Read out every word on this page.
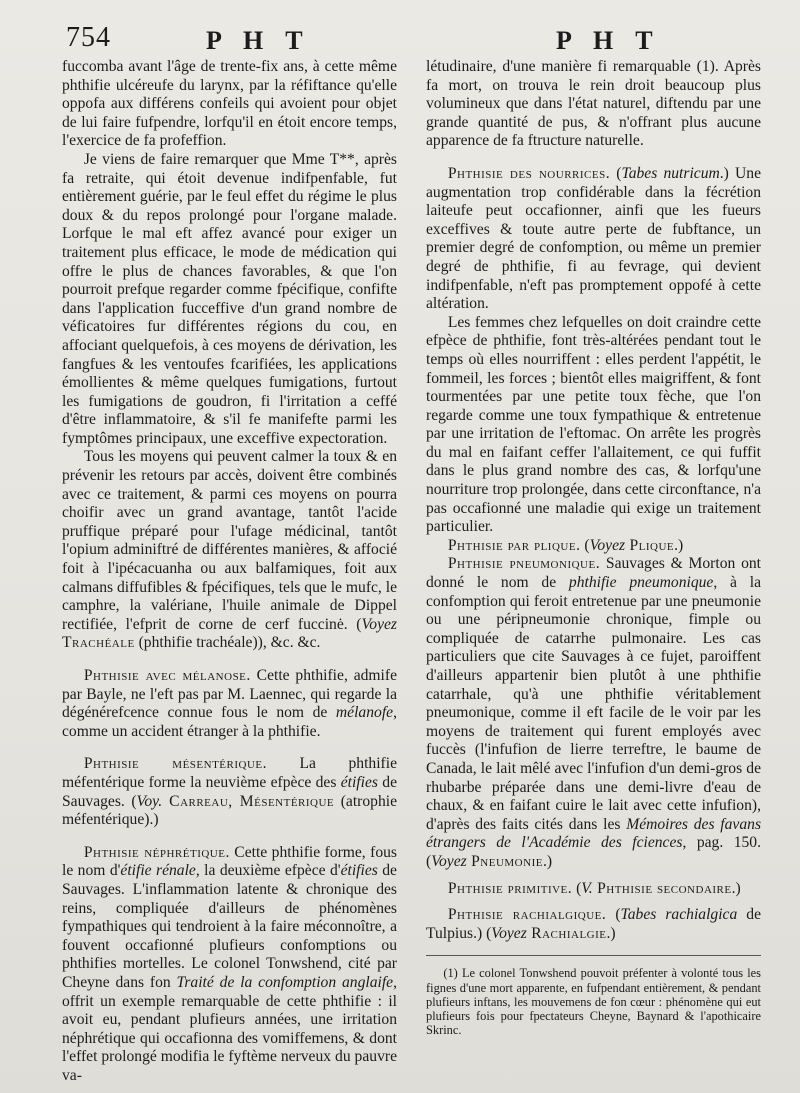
754	P H T	P H T

fuccomba avant l'âge de trente-fix ans, à cette même phthifie ulcéreufe du larynx, par la réfiftance qu'elle oppofa aux différens confeils qui avoient pour objet de lui faire fufpendre, lorfqu'il en étoit encore temps, l'exercice de fa profeffion.

Je viens de faire remarquer que Mme T**, après fa retraite, qui étoit devenue indifpenfable, fut entièrement guérie, par le feul effet du régime le plus doux & du repos prolongé pour l'organe malade. Lorfque le mal eft affez avancé pour exiger un traitement plus efficace, le mode de médication qui offre le plus de chances favorables, & que l'on pourroit prefque regarder comme fpécifique, confifte dans l'application fucceffive d'un grand nombre de véficatoires fur différentes régions du cou, en affociant quelquefois, à ces moyens de dérivation, les fangfues & les ventoufes fcarifiées, les applications émollientes & même quelques fumigations, furtout les fumigations de goudron, fi l'irritation a ceffé d'être inflammatoire, & s'il fe manifefte parmi les fymptômes principaux, une exceffive expectoration.

Tous les moyens qui peuvent calmer la toux & en prévenir les retours par accès, doivent être combinés avec ce traitement, & parmi ces moyens on pourra choifir avec un grand avantage, tantôt l'acide pruffique préparé pour l'ufage médicinal, tantôt l'opium adminiftré de différentes manières, & affocié foit à l'ipécacuanha ou aux balfamiques, foit aux calmans diffufibles & fpécifiques, tels que le mufc, le camphre, la valériane, l'huile animale de Dippel rectifiée, l'efprit de corne de cerf fuccinė. (Voyez Trachéale (phthifie trachéale)), &c. &c.

Phthisie avec mélanose. Cette phthifie, admife par Bayle, ne l'eft pas par M. Laennec, qui regarde la dégénérefcence connue fous le nom de mélanofe, comme un accident étranger à la phthifie.

Phthisie mésentérique. La phthifie méfentérique forme la neuvième efpèce des étifies de Sauvages. (Voy. Carreau, Mésentérique (atrophie méfentérique).)

Phthisie néphrétique. Cette phthifie forme, fous le nom d'étifie rénale, la deuxième efpèce d'étifies de Sauvages. L'inflammation latente & chronique des reins, compliquée d'ailleurs de phénomènes fympathiques qui tendroient à la faire méconnoître, a fouvent occafionné plufieurs confomptions ou phthifies mortelles. Le colonel Tonwshend, cité par Cheyne dans fon Traité de la confomption anglaife, offrit un exemple remarquable de cette phthifie : il avoit eu, pendant plufieurs années, une irritation néphrétique qui occafionna des vomiffemens, & dont l'effet prolongé modifia le fyftème nerveux du pauvre va-

létudinaire, d'une manière fi remarquable (1). Après fa mort, on trouva le rein droit beaucoup plus volumineux que dans l'état naturel, diftendu par une grande quantité de pus, & n'offrant plus aucune apparence de fa ftructure naturelle.

Phthisie des nourrices. (Tabes nutricum.) Une augmentation trop confidérable dans la fécrétion laiteufe peut occafionner, ainfi que les fueurs exceffives & toute autre perte de fubftance, un premier degré de confomption, ou même un premier degré de phthifie, fi au fevrage, qui devient indifpenfable, n'eft pas promptement oppofé à cette altération.

Les femmes chez lefquelles on doit craindre cette efpèce de phthifie, font très-altérées pendant tout le temps où elles nourriffent : elles perdent l'appétit, le fommeil, les forces ; bientôt elles maigriffent, & font tourmentées par une petite toux fèche, que l'on regarde comme une toux fympathique & entretenue par une irritation de l'eftomac. On arrête les progrès du mal en faifant ceffer l'allaitement, ce qui fuffit dans le plus grand nombre des cas, & lorfqu'une nourriture trop prolongée, dans cette circonftance, n'a pas occafionné une maladie qui exige un traitement particulier.

Phthisie par plique. (Voyez Plique.)

Phthisie pneumonique. Sauvages & Morton ont donné le nom de phthifie pneumonique, à la confomption qui feroit entretenue par une pneumonie ou une péripneumonie chronique, fimple ou compliquée de catarrhe pulmonaire. Les cas particuliers que cite Sauvages à ce fujet, paroiffent d'ailleurs appartenir bien plutôt à une phthifie catarrhale, qu'à une phthifie véritablement pneumonique, comme il eft facile de le voir par les moyens de traitement qui furent employés avec fuccès (l'infufion de lierre terreftre, le baume de Canada, le lait mêlé avec l'infufion d'un demi-gros de rhubarbe préparée dans une demi-livre d'eau de chaux, & en faifant cuire le lait avec cette infufion), d'après des faits cités dans les Mémoires des favans étrangers de l'Académie des fciences, pag. 150. (Voyez Pneumonie.)

Phthisie primitive. (V. Phthisie secondaire.)

Phthisie rachialgique. (Tabes rachialgica de Tulpius.) (Voyez Rachialgie.)

(1) Le colonel Tonwshend pouvoit préfenter à volonté tous les fignes d'une mort apparente, en fufpendant entièrement, & pendant plufieurs inftans, les mouvemens de fon cœur : phénomène qui eut plufieurs fois pour fpectateurs Cheyne, Baynard & l'apothicaire Skrinc.
